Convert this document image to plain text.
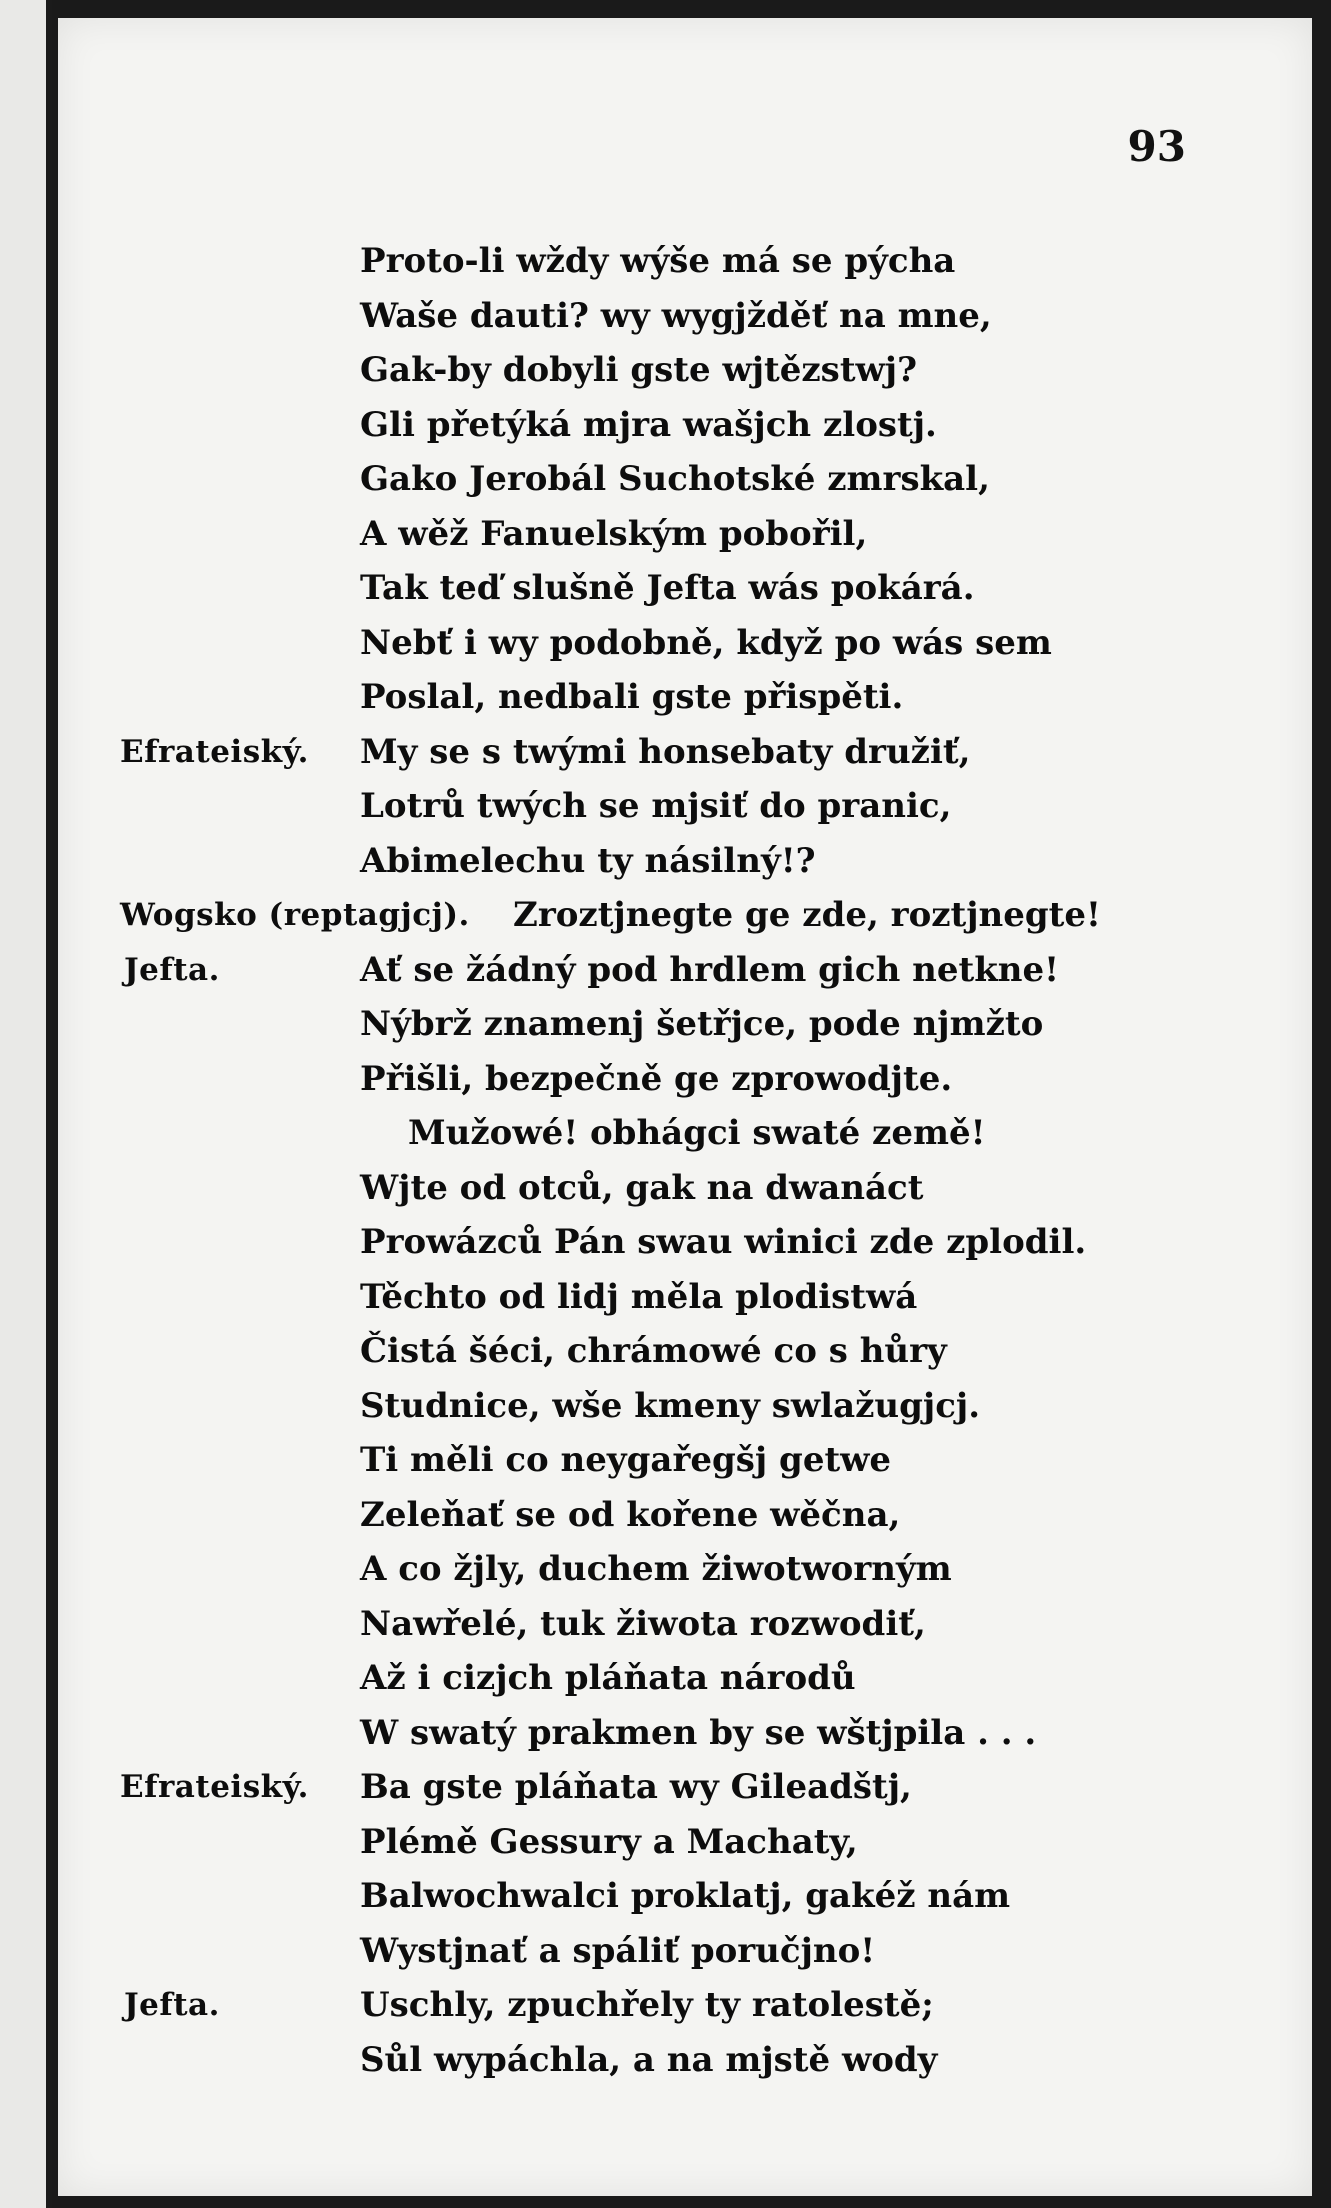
93
Proto-li wždy wýše má se pýcha
Waše dauti? wy wygjžděť na mne,
Gak-by dobyli gste wjtězstwj?
Gli přetýká mjra wašjch zlostj.
Gako Jerobál Suchotské zmrskal,
A wěž Fanuelským pobořil,
Tak teď slušně Jefta wás pokárá.
Nebť i wy podobně, když po wás sem
Poslal, nedbali gste přispěti.
Efrateiský. My se s twými honsebaty družiť,
Lotrů twých se mjsiť do pranic,
Abimelechu ty násilný!?
Wogsko (reptagjcj). Zroztjnegte ge zde, roztjnegte!
Jefta.	Ať se žádný pod hrdlem gich netkne!
Nýbrž znamenj šetřjce, pode njmžto
Přišli, bezpečně ge zprowodjte.
Mužowé! obhágci swaté země!
Wjte od otců, gak na dwanáct
Prowázců Pán swau winici zde zplodil.
Těchto od lidj měla plodistwá
Čistá šéci, chrámowé co s hůry
Studnice, wše kmeny swlažugjcj.
Ti měli co neygařegšj getwe
Zeleňať se od kořene wěčna,
A co žjly, duchem žiwotworným
Nawřelé, tuk žiwota rozwodiť,
Až i cizjch pláňata národů
W swatý prakmen by se wštjpila . . .
Efrateiský. Ba gste pláňata wy Gileadštj,
Plémě Gessury a Machaty,
Balwochwalci proklatj, gakéž nám
Wystjnať a spáliť poručjno!
Jefta.	Uschly, zpuchřely ty ratolestě;
Sůl wypáchla, a na mjstě wody
